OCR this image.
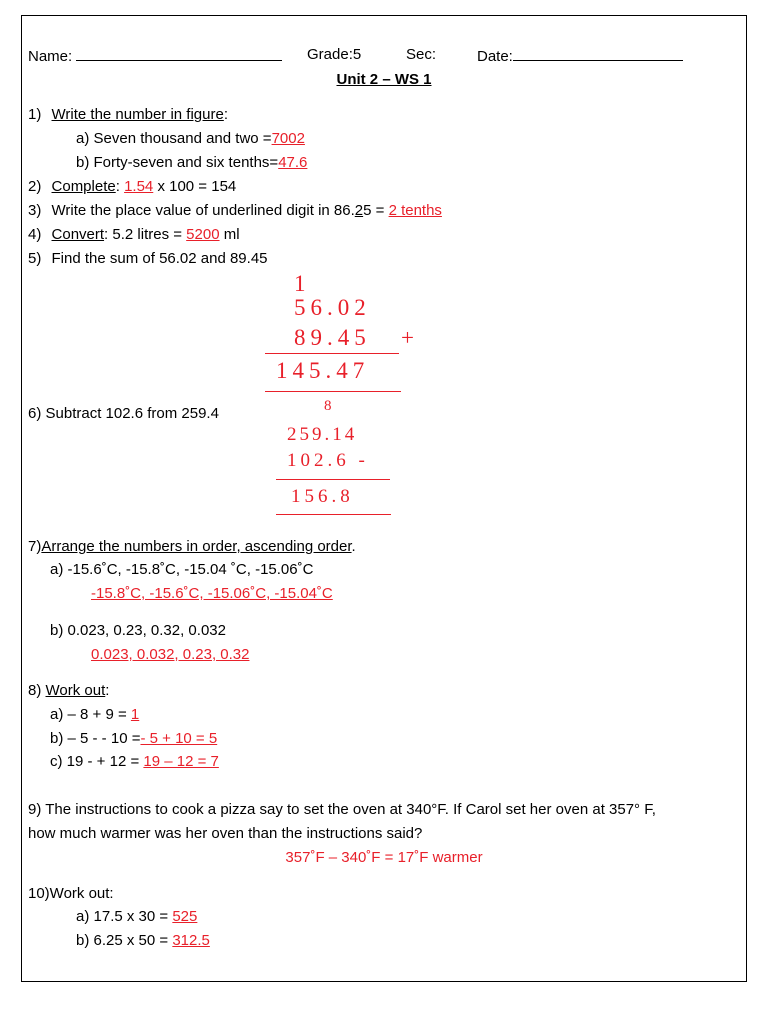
Name:	Grade:5	Sec:	Date:
Unit 2 – WS 1
1) Write the number in figure:
a) Seven thousand and two =7002
b) Forty-seven and six tenths=47.6
2) Complete: 1.54 x 100 = 154
3) Write the place value of underlined digit in 86.25 = 2 tenths
4) Convert: 5.2 litres = 5200 ml
5) Find the sum of 56.02 and 89.45
1
56.02
89.45 +
145.47
6) Subtract 102.6 from 259.4	8
259.14
102.6 -
156.8
7)Arrange the numbers in order, ascending order.
a) -15.6˚C, -15.8˚C, -15.04 ˚C, -15.06˚C
-15.8˚C, -15.6˚C, -15.06˚C, -15.04˚C
b) 0.023, 0.23, 0.32, 0.032
0.023, 0.032, 0.23, 0.32
8) Work out:
a) – 8 + 9 = 1
b) – 5 - - 10 =- 5 + 10 = 5
c) 19 - + 12 = 19 – 12 = 7
9) The instructions to cook a pizza say to set the oven at 340°F. If Carol set her oven at 357° F,
how much warmer was her oven than the instructions said?
357˚F – 340˚F = 17˚F warmer
10)Work out:
a) 17.5 x 30 = 525
b) 6.25 x 50 = 312.5
